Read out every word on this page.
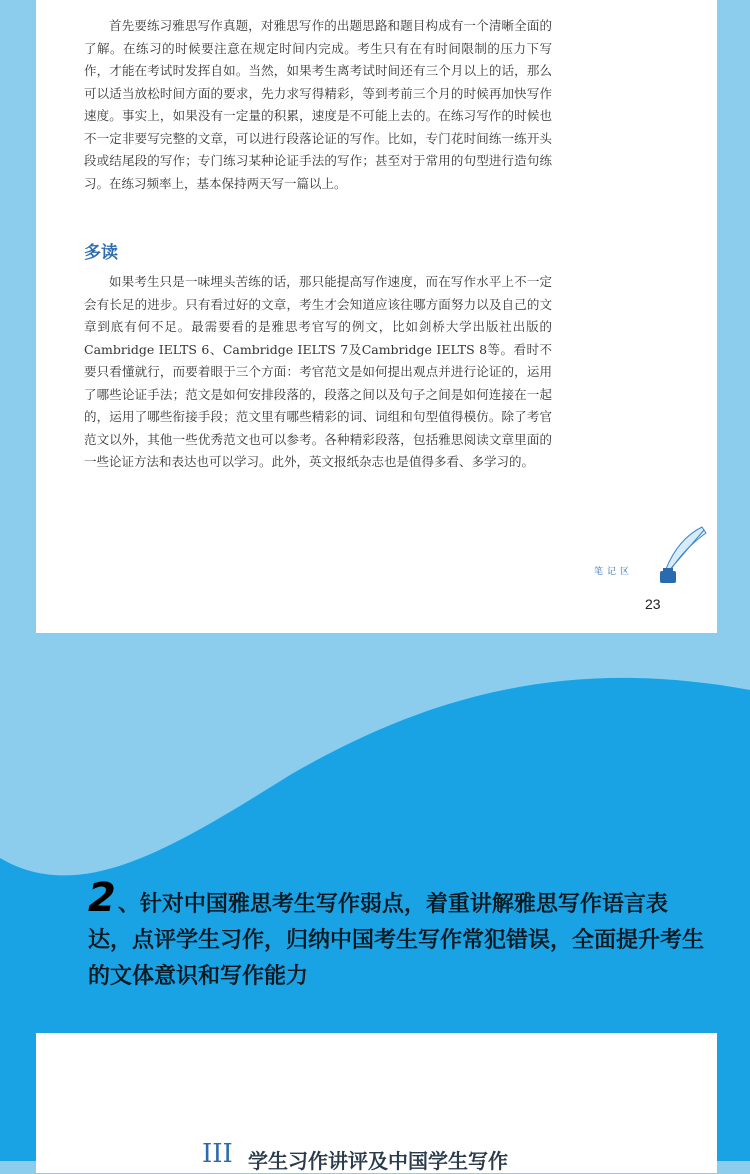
首先要练习雅思写作真题，对雅思写作的出题思路和题目构成有一个清晰全面的了解。在练习的时候要注意在规定时间内完成。考生只有在有时间限制的压力下写作，才能在考试时发挥自如。当然，如果考生离考试时间还有三个月以上的话，那么可以适当放松时间方面的要求，先力求写得精彩，等到考前三个月的时候再加快写作速度。事实上，如果没有一定量的积累，速度是不可能上去的。在练习写作的时候也不一定非要写完整的文章，可以进行段落论证的写作。比如，专门花时间练一练开头段或结尾段的写作；专门练习某种论证手法的写作；甚至对于常用的句型进行造句练习。在练习频率上，基本保持两天写一篇以上。

多读

如果考生只是一味埋头苦练的话，那只能提高写作速度，而在写作水平上不一定会有长足的进步。只有看过好的文章，考生才会知道应该往哪方面努力以及自己的文章到底有何不足。最需要看的是雅思考官写的例文，比如剑桥大学出版社出版的Cambridge IELTS 6、Cambridge IELTS 7及Cambridge IELTS 8等。看时不要只看懂就行，而要着眼于三个方面：考官范文是如何提出观点并进行论证的，运用了哪些论证手法；范文是如何安排段落的，段落之间以及句子之间是如何连接在一起的，运用了哪些衔接手段；范文里有哪些精彩的词、词组和句型值得模仿。除了考官范文以外，其他一些优秀范文也可以参考。各种精彩段落，包括雅思阅读文章里面的一些论证方法和表达也可以学习。此外，英文报纸杂志也是值得多看、多学习的。

笔记区
23
2、针对中国雅思考生写作弱点，着重讲解雅思写作语言表达，点评学生习作，归纳中国考生写作常犯错误，全面提升考生的文体意识和写作能力
III 学生习作讲评及中国学生写作
